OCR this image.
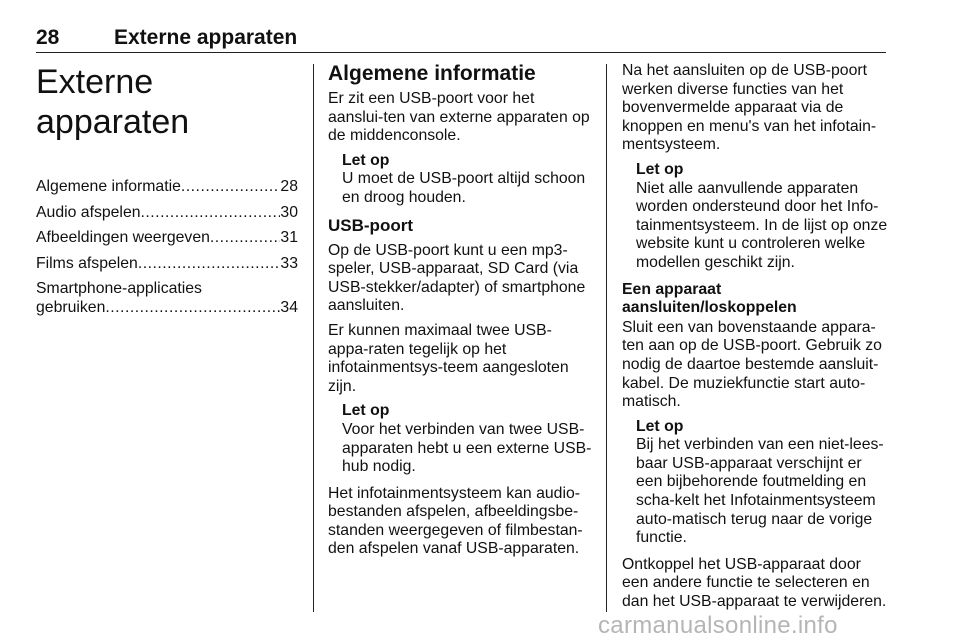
28	Externe apparaten
Externe apparaten
Algemene informatie .....	28
Audio afspelen .....	30
Afbeeldingen weergeven .....	31
Films afspelen .....	33
Smartphone-applicaties
gebruiken .....	34
Algemene informatie

Er zit een USB-poort voor het aanslui-ten van externe apparaten op de middenconsole.

Let op
U moet de USB-poort altijd schoon en droog houden.
USB-poort

Op de USB-poort kunt u een mp3-speler, USB-apparaat, SD Card (via USB-stekker/adapter) of smartphone aansluiten.

Er kunnen maximaal twee USB-appa-raten tegelijk op het infotainmentsys-teem aangesloten zijn.

Let op
Voor het verbinden van twee USB-apparaten hebt u een externe USB-hub nodig.

Het infotainmentsysteem kan audio-bestanden afspelen, afbeeldingsbe-standen weergegeven of filmbestan-den afspelen vanaf USB-apparaten.

Na het aansluiten op de USB-poort werken diverse functies van het bovenvermelde apparaat via de knoppen en menu's van het infotain-mentsysteem.

Let op
Niet alle aanvullende apparaten worden ondersteund door het Info-tainmentsysteem. In de lijst op onze website kunt u controleren welke modellen geschikt zijn.
Een apparaat aansluiten/loskoppelen

Sluit een van bovenstaande appara-ten aan op de USB-poort. Gebruik zo nodig de daartoe bestemde aansluit-kabel. De muziekfunctie start auto-matisch.

Let op
Bij het verbinden van een niet-lees-baar USB-apparaat verschijnt er een bijbehorende foutmelding en scha-kelt het Infotainmentsysteem auto-matisch terug naar de vorige functie.

Ontkoppel het USB-apparaat door een andere functie te selecteren en dan het USB-apparaat te verwijderen.

carmanualsonline.info
